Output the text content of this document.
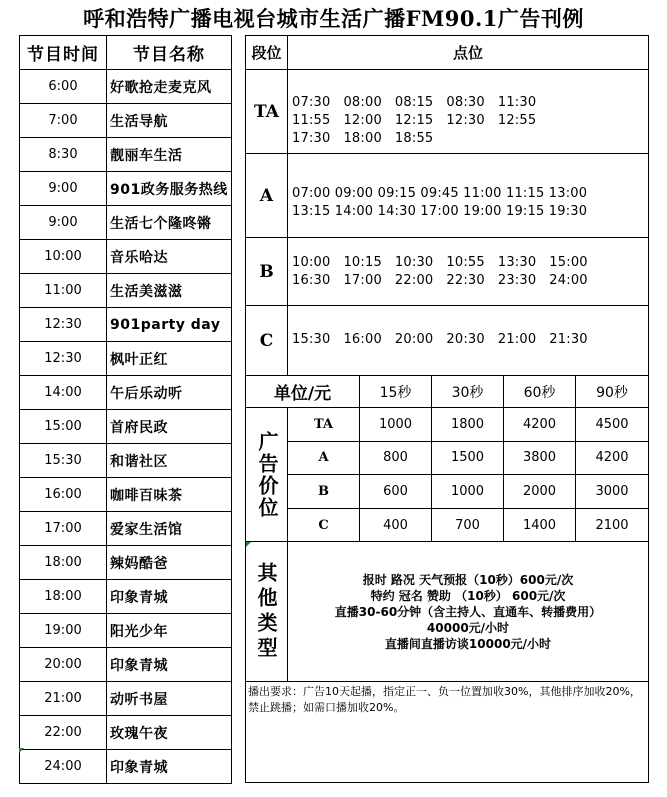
呼和浩特广播电视台城市生活广播FM90.1广告刊例
节目时间	节目名称
6:00	好歌抢走麦克风
7:00	生活导航
8:30	靓丽车生活
9:00	901政务服务热线
9:00	生活七个隆咚锵
10:00	音乐哈达
11:00	生活美滋滋
12:30	901party day
12:30	枫叶正红
14:00	午后乐动听
15:00	首府民政
15:30	和谐社区
16:00	咖啡百味茶
17:00	爱家生活馆
18:00	辣妈酷爸
18:00	印象青城
19:00	阳光少年
20:00	印象青城
21:00	动听书屋
22:00	玫瑰午夜
24:00	印象青城
段位	点位
TA	07:30   08:00   08:15   08:30   11:30
11:55   12:00   12:15   12:30   12:55
17:30   18:00   18:55
A	07:00 09:00 09:15 09:45 11:00 11:15 13:00
13:15 14:00 14:30 17:00 19:00 19:15 19:30
B	10:00   10:15   10:30   10:55   13:30   15:00
16:30   17:00   22:00   22:30   23:30   24:00
C	15:30   16:00   20:00   20:30   21:00   21:30
单位/元	15秒	30秒	60秒	90秒
广告价位
TA	1000	1800	4200	4500
A	800	1500	3800	4200
B	600	1000	2000	3000
C	400	700	1400	2100
其他类型	报时 路况 天气预报（10秒）600元/次
特约 冠名 赞助 （10秒） 600元/次
直播30-60分钟（含主持人、直通车、转播费用）
40000元/小时
直播间直播访谈10000元/小时
播出要求：广告10天起播，指定正一、负一位置加收30%，其他排序加收20%，禁止跳播；如需口播加收20%。
